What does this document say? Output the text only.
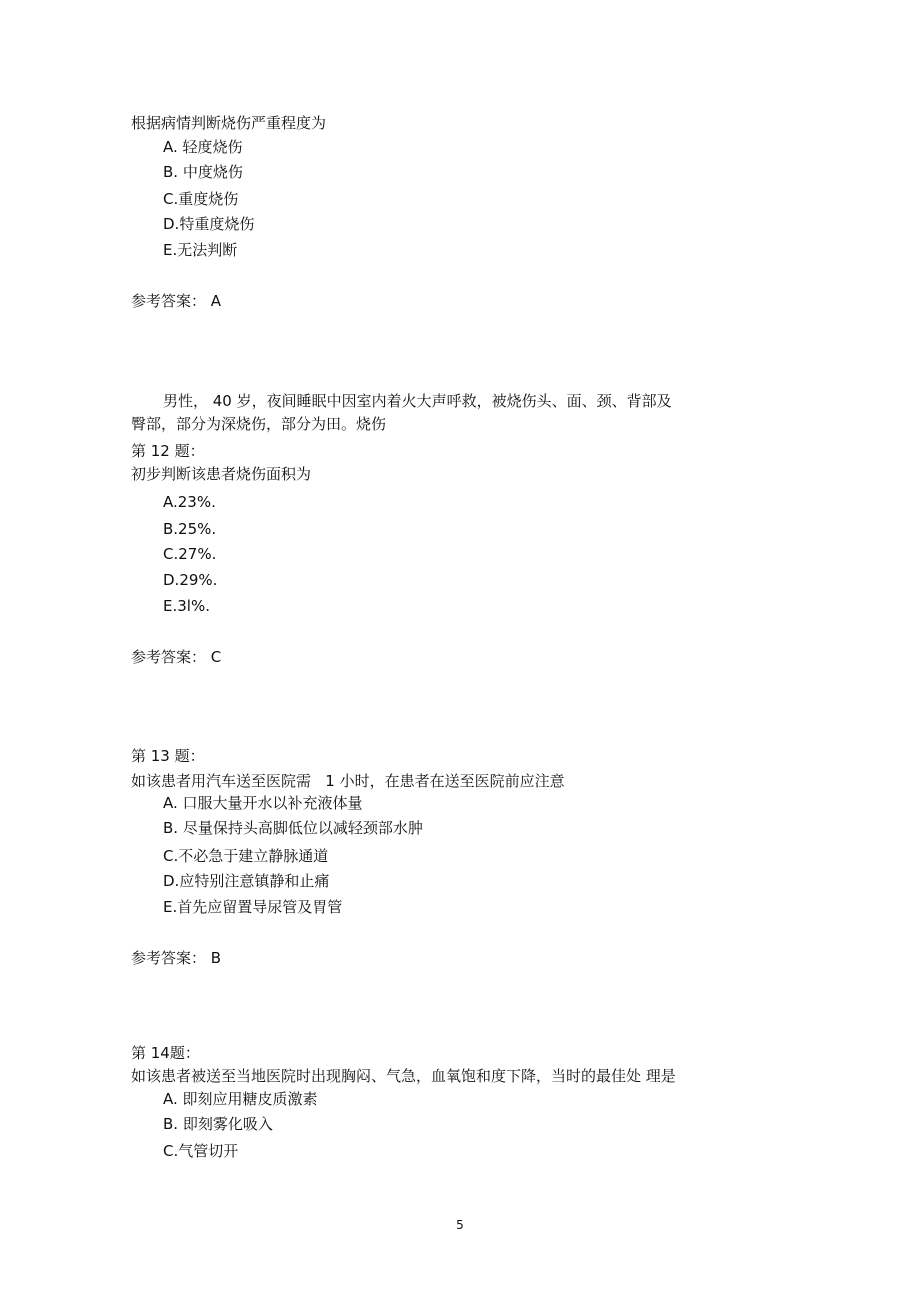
根据病情判断烧伤严重程度为
A. 轻度烧伤
B. 中度烧伤
C.重度烧伤
D.特重度烧伤
E.无法判断
参考答案： A
男性， 40 岁，夜间睡眠中因室内着火大声呼救，被烧伤头、面、颈、背部及
臀部，部分为深烧伤，部分为田。烧伤
第 12 题：
初步判断该患者烧伤面积为
A.23%.
B.25%.
C.27%.
D.29%.
E.3l%.
参考答案： C
第 13 题：
如该患者用汽车送至医院需   1 小时，在患者在送至医院前应注意
A. 口服大量开水以补充液体量
B. 尽量保持头高脚低位以减轻颈部水肿
C.不必急于建立静脉通道
D.应特别注意镇静和止痛
E.首先应留置导尿管及胃管
参考答案： B
第 14题：
如该患者被送至当地医院时出现胸闷、气急，血氧饱和度下降，当时的最佳处 理是
A. 即刻应用糖皮质激素
B. 即刻雾化吸入
C.气管切开
5
